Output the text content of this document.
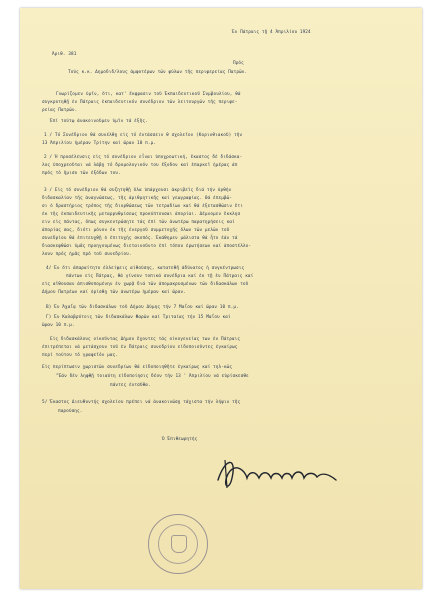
Ἐν Πάτραις τῇ 4 Ἀπριλίου 1924

Ἀριθ. 381

Πρός

Τούς κ.κ. Δημοδιδ/λους ἀμφοτέρων τῶν φύλων τῆς περιφερείας Πατρῶν.

Γνωρίζομεν ὑμῖν, ὅτι, κατ' ἔκφρασιν τοῦ Ἐκπαιδευτικοῦ Συμβουλίου, θά

συγκροτηθῇ ἐν Πάτραις ἐκπαιδευτικόν συνέδριον τῶν λειτουργῶν τῆς περιφε-

ρείας Πατρῶν.

Ἐπί τούτῳ ἀνακοινοῦμεν ὑμῖν τά ἑξῆς.

1 / Τό Συνέδριον θά συνέλθῃ εἰς τό ἐντάσσειν θ σχολεῖον (Κορινθιακοῦ) τῆν

13 Ἀπριλίου ἡμέραν Τρίτην καί ὥραν 10 π.μ.

2 / Ἡ προσέλευσις εἰς τό συνέδριον εἶναι ὑποχρεωτική, ἕκαστος δέ διδάσκα-

λος ὑποχρεοῦται νά λάβῃ τό δρομολογικόν του ἔξοδον καί ἐπαρκεῖ ἡμέρας ἀπ

πρός τό ἥμισυ τῶν ἐξόδων του.

3 / Εἰς τό συνέδριον θά συζητηθῇ ὅλα ὑπάρχουσι ἀκριβεῖς διά τήν ὀρθήν

διδασκαλίαν τῆς ἀναγνώσεως, τῆς ἀριθμητικῆς καί γεωγραφίας. Θά ἐπεμβῶ-

σι ὁ δραστήριος τρόπος τῆς διορθώσεως τῶν τετραδίων καί θά ἐξετασθῶσιν ἔτι

ἐκ τῆς ἐκπαιδευτικῆς μεταρρυθμίσεως προκύπτουσαι ἀπορίαι. Δέμνομεν ἔκκλησ

ειν εἰς πάντας, ὅπως συγκεντρώσητε τάς ἐπί τῶν ἀνωτέρω παρατηρήσεις καί

ἀπορίας σας, διότι μόνον ἐκ τῆς ἐνεργοῦ συμμετοχῆς ὅλων τῶν μελῶν τοῦ

συνεδρίου θά ἐπιτευχθῇ ὁ ἐπιτυχής σκοπός. Ἐκάθημεν μάλιστα θά ἦτο ἐάν τά

διασκεφθῶσι ὑμᾶς προηγουμένως διεταινοῦντο ἐπί τόπου ἐρωτήσεων καί ἀποστέλλο-

λουν πρός ἡμᾶς πρό τοῦ συνεδρίου.

4/ Ἐν ὅτι ἀπαραίτητο ἐλλείψεις αἰθούσης, κατατεθῆ ἀδύνατος ἡ συγκέντρωσις

πάντων εἰς Πάτρας, θά γίνουν τοπικά συνέδρια καί ἐκ τῇ ἐν Πάτραις καί

εἰς αἴθουσαν ἀπισθοπομένην ἐν χωρᾷ διά τῶν ἀπομακρυσμένων τῶν διδασκάλων τοῦ

Δήμου Πατρέων καί ὁρίσθῃ τῶν ἀνωτέρω ἡμέραν καί ὥραν.

Β) Ἐν Ἀχαΐᾳ τῶν διδασκάλων τοῦ Δήμου Δύμης τήν 7 Μαΐου καί ὥραν 10 π.μ.

Γ) Ἐν Καλαβρύτοις τῶν διδασκάλων Φαρῶν καί Τριταίας τήν 15 Μαΐου καί

ὥραν 10 π.μ.

Εἰς διδασκάλους οἰκοῦντας Δήμου ἔχοντες τάς οἰκογενείας των ἐν Πάτραις

ἐπιτρέπεται νά μετάσχουν τοῦ ἐν Πάτραις συνεδρίου εἰδοποιοῦντες ἐγκαίρως

περί τούτου τό γραφεῖόν μας.

Εἰς περίπτωσιν χωριστῶν συνεδρίων θά εἰδοποιηθῆτε ἐγκαίρως καί τηλ-κῶς

"Ἐάν δέν ληφθῇ τοιαύτη εἰδοποίησις δέον τήν 13 ' Ἀπριλίου νά εὑρίσκεσθε

πάντες ἐντσῦθα.

5/ Ἕκαστος Διευθυντής σχολείου πρέπει νά ἀνακοινώσῃ τάχιστα τήν λήψιν τῆς

παρούσης.

Ὁ Ἐπιθεωρητής
